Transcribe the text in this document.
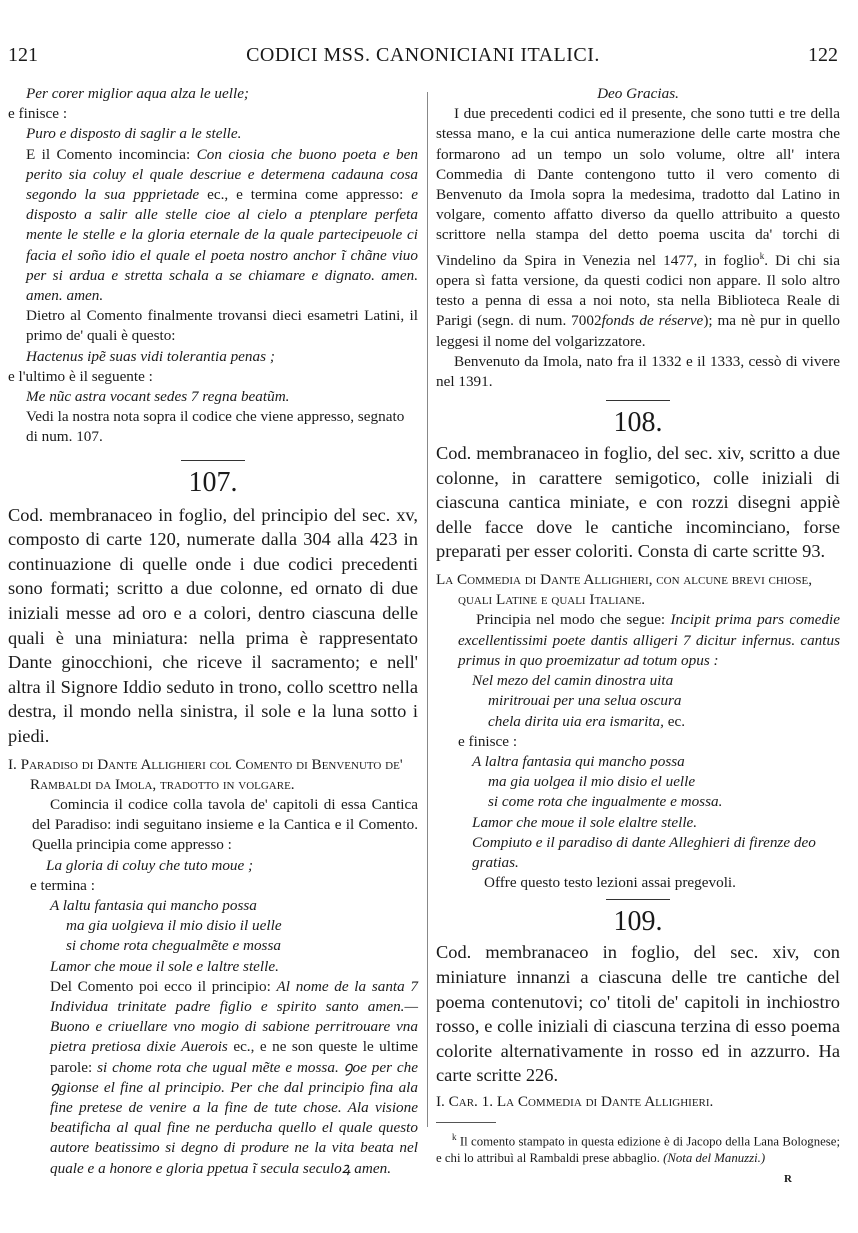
121	CODICI MSS. CANONICIANI ITALICI.	122

Per corer miglior aqua alza le uelle;

e finisce :

Puro e disposto di saglir a le stelle.

E il Comento incomincia: Con ciosia che buono poeta e ben perito sia coluy el quale descriue e determena cadauna cosa segondo la sua ppprietade ec., e termina come appresso: e disposto a salir alle stelle cioe al cielo a ptenplare perfeta mente le stelle e la gloria eternale de la quale partecipeuole ci facia el soño idio el quale el poeta nostro anchor ĩ chãne viuo per si ardua e stretta schala a se chiamare e dignato. amen. amen. amen.

Dietro al Comento finalmente trovansi dieci esametri Latini, il primo de' quali è questo:

Hactenus ipẽ suas vidi tolerantia penas ;

e l'ultimo è il seguente :

Me nũc astra vocant sedes 7 regna beatũm.

Vedi la nostra nota sopra il codice che viene appresso, segnato di num. 107.

107.

Cod. membranaceo in foglio, del principio del sec. xv, composto di carte 120, numerate dalla 304 alla 423 in continuazione di quelle onde i due codici precedenti sono formati; scritto a due colonne, ed ornato di due iniziali messe ad oro e a colori, dentro ciascuna delle quali è una miniatura: nella prima è rappresentato Dante ginocchioni, che riceve il sacramento; e nell' altra il Signore Iddio seduto in trono, collo scettro nella destra, il mondo nella sinistra, il sole e la luna sotto i piedi.

I. Paradiso di Dante Allighieri col Comento di Benvenuto de' Rambaldi da Imola, tradotto in volgare.

Comincia il codice colla tavola de' capitoli di essa Cantica del Paradiso: indi seguitano insieme e la Cantica e il Comento. Quella principia come appresso :

La gloria di coluy che tuto moue ;

e termina :

A laltu fantasia qui mancho possa

ma gia uolgieva il mio disio il uelle

si chome rota chegualmẽte e mossa

Lamor che moue il sole e laltre stelle.

Del Comento poi ecco il principio: Al nome de la santa 7 Individua trinitate padre figlio e spirito santo amen.—Buono e criuellare vno mogio di sabione perritrouare vna pietra pretiosa dixie Auerois ec., e ne son queste le ultime parole: si chome rota che ugual mẽte e mossa. ꝯoe per che ꝯgionse el fine al principio. Per che dal principio fina ala fine pretese de venire a la fine de tute chose. Ala visione beatificha al qual fine ne perducha quello el quale questo autore beatissimo si degno di produre ne la vita beata nel quale e a honore e gloria ppetua ĩ secula seculoꝝ amen.

Deo Gracias.

I due precedenti codici ed il presente, che sono tutti e tre della stessa mano, e la cui antica numerazione delle carte mostra che formarono ad un tempo un solo volume, oltre all' intera Commedia di Dante contengono tutto il vero comento di Benvenuto da Imola sopra la medesima, tradotto dal Latino in volgare, comento affatto diverso da quello attribuito a questo scrittore nella stampa del detto poema uscita da' torchi di Vindelino da Spira in Venezia nel 1477, in foglio$^k$. Di chi sia opera sì fatta versione, da questi codici non appare. Il solo altro testo a penna di essa a noi noto, sta nella Biblioteca Reale di Parigi (segn. di num. 7002fonds de réserve); ma nè pur in quello leggesi il nome del volgarizzatore.

Benvenuto da Imola, nato fra il 1332 e il 1333, cessò di vivere nel 1391.

108.

Cod. membranaceo in foglio, del sec. xiv, scritto a due colonne, in carattere semigotico, colle iniziali di ciascuna cantica miniate, e con rozzi disegni appiè delle facce dove le cantiche incominciano, forse preparati per esser coloriti. Consta di carte scritte 93.

La Commedia di Dante Allighieri, con alcune brevi chiose, quali Latine e quali Italiane.

Principia nel modo che segue: Incipit prima pars comedie excellentissimi poete dantis alligeri 7 dicitur infernus. cantus primus in quo proemizatur ad totum opus :

Nel mezo del camin dinostra uita

miritrouai per una selua oscura

chela dirita uia era ismarita, ec.

e finisce :

A laltra fantasia qui mancho possa

ma gia uolgea il mio disio el uelle

si come rota che ingualmente e mossa.

Lamor che moue il sole elaltre stelle.

Compiuto e il paradiso di dante Alleghieri di firenze deo gratias.

Offre questo testo lezioni assai pregevoli.

109.

Cod. membranaceo in foglio, del sec. xiv, con miniature innanzi a ciascuna delle tre cantiche del poema contenutovi; co' titoli de' capitoli in inchiostro rosso, e colle iniziali di ciascuna terzina di esso poema colorite alternativamente in rosso ed in azzurro. Ha carte scritte 226.

I. Car. 1. La Commedia di Dante Allighieri.

$^k$ Il comento stampato in questa edizione è di Jacopo della Lana Bolognese; e chi lo attribuì al Rambaldi prese abbaglio. (Nota del Manuzzi.)

R
